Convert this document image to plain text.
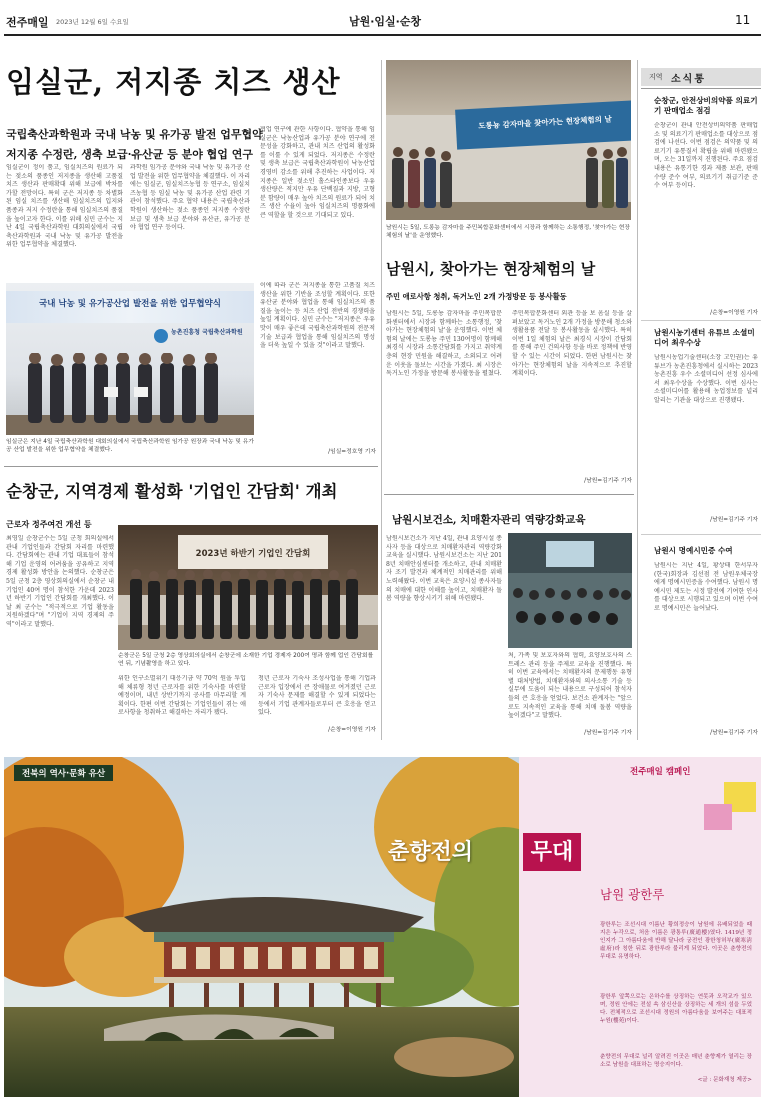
전주매일 2023년 12월 6일 수요일	남원·임실·순창	11
임실군, 저지종 치즈 생산
국립축산과학원과 국내 낙농 및 유가공 발전 업무협약
저지종 수정란, 생축 보급·유산균 등 분야 협업 연구
임실군이 정이 품고, 임실치즈의 원료가 되는 젖소의 품종인 저지종을 생산해 고품질 치즈 생산과 판매확대 위해 보급에 박차를 가할 전망이다. 특히 군은 저지종 등 차별화된 임실 치즈를 생산해 임실치즈의 입지와 품종과 저지 수정란을 통해 임실치즈의 품질을 높이고자 한다. 이를 위해 심민 군수는 지난 4일 국립축산과학원 대회의실에서 국립축산과학원과 국내 낙농 및 유가공 발전을 위한 업무협약을 체결했다.
과학원 임가공 분야와 국내 낙농 및 유가공 산업 발전을 위한 업무협약을 체결했다. 이 자리에는 임실군, 임실치즈농협 등 연구소, 임실치즈농협 등 임실 낙농 및 유가공 산업 관련 기관이 참석했다. 주요 협약 내용은 국립축산과학원이 생산하는 젖소 품종인 저지종 수정란 보급 및 생축 보급 분야와 유산균, 유가공 분야 협업 연구 등이다.
협업 연구에 관한 사항이다. 협약을 통해 임실군은 낙농산업과 유가공 분야 연구에 전문성을 강화하고, 관내 치즈 산업의 활성화를 이룰 수 있게 되었다. 저지종은 수정란 및 생축 보급은 국립축산과학원이 낙농산업 경영비 감소를 위해 추진하는 사업이다. 저지종은 일반 젖소인 홀스타인종보다 우유 생산량은 적지만 우유 단백질과 지방, 고형분 함량이 매우 높아 치즈의 원료가 되어 치즈 생산 수율이 높아 임실치즈의 명품화에 큰 역할을 할 것으로 기대되고 있다.
이에 따라 군은 저지종을 통한 고품질 치즈 생산을 위한 기반을 조성할 계획이다. 또한 유산균 분야와 협업을 통해 임실치즈의 품질을 높이는 등 치즈 산업 전반의 경쟁력을 높일 계획이다. 심민 군수는 "저지종은 우유 맛이 매우 좋은데 국립축산과학원의 전문적 기술 보급과 협업을 통해 임실치즈의 명성을 더욱 높일 수 있을 것"이라고 말했다.
국내 낙농 및 유가공산업 발전을 위한 업무협약식
농촌진흥청 국립축산과학원
임실군은 지난 4일 국립축산과학원 대회의실에서 국립축산과학원 임가공 원장과 국내 낙농 및 유가공 산업 발전을 위한 업무협약을 체결했다.	/임실=정호영 기자
순창군, 지역경제 활성화 '기업인 간담회' 개최
근로자 정주여건 개선 등
최영일 순창군수는 5일 군청 회의실에서 관내 기업인들과 간담회 자리를 마련했다. 간담회에는 관내 기업 대표들이 참석해 기업 운영의 어려움을 공유하고 지역경제 활성화 방안을 논의했다. 순창군은 5일 군청 2층 영상회의실에서 순창군 내 기업인 40여 명이 참석한 가운데 2023년 하반기 기업인 간담회를 개최했다. 이날 최 군수는 "적극적으로 기업 활동을 지원하겠다"며 "기업이 지역 경제의 주역"이라고 말했다.
2023년 하반기 기업인 간담회
순창군은 5일 군청 2층 영상회의실에서 순창군에 소재한 기업 경제자 200여 명과 함께 업인 간담회를 연 뒤, 기념촬영을 하고 있다.
위한 인구소멸위기 대응기금 약 70억 원을 투입해 체류형 청년 근로자를 위한 기숙사를 마련할 예정이며, 내년 상반기까지 공사를 마무리할 계획이다. 한편 이번 간담회는 기업인들이 겪는 애로사항을 청취하고 해결하는 자리가 됐다.
청년 근로자 기숙사 조성사업을 통해 기업과 근로자 입장에서 큰 장애물로 여겨졌던 근로자 기숙사 문제를 해결할 수 있게 되었다는 등에서 기업 관계자들로부터 큰 호응을 얻고 있다.
/순창=이영원 기자
도롱뇽 감자마을 찾아가는 현장체험의 날
남원시는 5일, 도롱뇽 감자마을 주민복합문화센터에서 시장과 함께하는 소통행정, '찾아가는 현장체험의 날'을 운영했다.
남원시, 찾아가는 현장체험의 날
주민 애로사항 청취, 독거노인 2개 가정방문 등 봉사활동
남원시는 5일, 도롱뇽 감자마을 주민복합문화센터에서 시장과 함께하는 소통행정, '찾아가는 현장체험의 날'을 운영했다. 이번 체험의 날에는 도롱뇽 주민 130여명이 함께해 최경식 시장과 소통간담회를 가지고 취약계층의 현장 민원을 해결하고, 소외되고 어려운 이웃을 돌보는 시간을 가졌다. 최 시장은 독거노인 가정을 방문해 봉사활동을 펼쳤다.
주민복합문화센터 외관 등을 보 옴실 등을 살펴보았고 독거노인 2개 가정을 방문해 청소와 생활용품 전달 등 봉사활동을 실시했다. 특히 이번 1일 체험의 날은 최경식 시장이 간담회를 통해 주민 건의사항 등을 바로 정책에 반영할 수 있는 시간이 되었다. 한편 남원시는 찾아가는 현장체험의 날을 지속적으로 추진할 계획이다.
/남원=김기주 기자
남원시보건소, 치매환자관리 역량강화교육
남원시보건소가 지난 4일, 관내 요양시설 종사자 등을 대상으로 치매환자관리 역량강화교육을 실시했다. 남원시보건소는 지난 2018년 치매안심센터를 개소하고, 관내 치매환자 조기 발견과 체계적인 치매관리를 위해 노력해왔다. 이번 교육은 요양시설 종사자들의 치매에 대한 이해를 높이고, 치매환자 돌봄 역량을 향상시키기 위해 마련됐다.
처, 가족 및 보호자와의 협력, 요양보호사의 스트레스 관리 등을 주제로 교육을 진행했다. 특히 이번 교육에서는 치매환자의 문제행동 유형별 대처방법, 치매환자와의 의사소통 기술 등 실무에 도움이 되는 내용으로 구성되어 참석자들의 큰 호응을 얻었다. 보건소 관계자는 "앞으로도 지속적인 교육을 통해 치매 돌봄 역량을 높이겠다"고 말했다.
/남원=김기주 기자
지역 소식통
순창군, 안전상비의약품 의료기기 판매업소 점검
순창군이 관내 안전상비의약품 판매업소 및 의료기기 판매업소를 대상으로 점검에 나선다. 이번 점검은 의약품 및 의료기기 유통질서 확립을 위해 마련됐으며, 오는 31일까지 진행된다. 주요 점검내용은 유통기한 경과 제품 보관, 판매 수량 준수 여부, 의료기기 취급기준 준수 여부 등이다.
/순창=이영원 기자
남원시농기센터 유튜브 소셜미디어 최우수상
남원시농업기술센터(소장 고인권)는 유튜브가 농촌진흥청에서 실시하는 2023 농촌진흥 우수 소셜미디어 선정 심사에서 최우수상을 수상했다. 이번 심사는 소셜미디어를 활용해 농업정보를 널리 알리는 기관을 대상으로 진행됐다.
/남원=김기주 기자
남원시 명예시민증 수여
남원시는 지난 4일, 황상태 한서부자(한국)회장과 김선점 전 남원우체국장에게 명예시민증을 수여했다. 남원시 명예시민 제도는 시정 발전에 기여한 인사를 대상으로 시행되고 있으며 이번 수여로 명예시민은 늘어났다.
/남원=김기주 기자
전북의 역사·문화 유산
춘향전의
전주매일 캠페인
무대
남원 광한루
광한루는 조선시대 이름난 황희정승이 남원에 유배되었을 때 지은 누각으로, 처음 이름은 광통루(廣通樓)였다. 1419년 정인지가 그 아름다움에 반해 달나라 궁전인 광한청허부(廣寒淸虛府)라 칭한 뒤로 광한루라 불리게 되었다. 이곳은 춘향전의 무대로 유명하다.
광한루 앞쪽으로는 은하수를 상징하는 연못과 오작교가 있으며, 정원 안에는 전설 속 삼신산을 상징하는 세 개의 섬을 두었다. 전체적으로 조선시대 정원의 아름다움을 보여주는 대표적 누원(樓苑)이다.
춘향전의 무대로 널리 알려진 이곳은 매년 춘향제가 열리는 장소로 남원을 대표하는 명승지이다.
<글 : 문화재청 제공>
